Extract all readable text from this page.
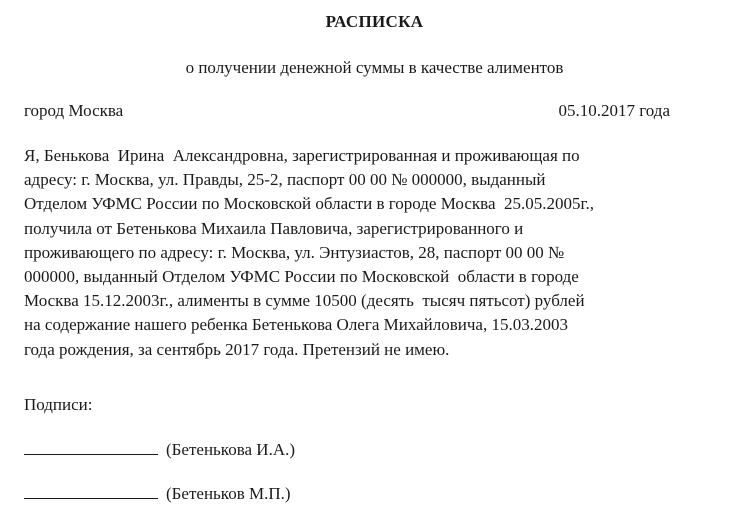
РАСПИСКА
о получении денежной суммы в качестве алиментов
город Москва	05.10.2017 года
Я, Бенькова  Ирина  Александровна, зарегистрированная и проживающая по
адресу: г. Москва, ул. Правды, 25-2, паспорт 00 00 № 000000, выданный
Отделом УФМС России по Московской области в городе Москва  25.05.2005г.,
получила от Бетенькова Михаила Павловича, зарегистрированного и
проживающего по адресу: г. Москва, ул. Энтузиастов, 28, паспорт 00 00 №
000000, выданный Отделом УФМС России по Московской  области в городе
Москва 15.12.2003г., алименты в сумме 10500 (десять  тысяч пятьсот) рублей
на содержание нашего ребенка Бетенькова Олега Михайловича, 15.03.2003
года рождения, за сентябрь 2017 года. Претензий не имею.
Подписи:
(Бетенькова И.А.)
(Бетеньков М.П.)
